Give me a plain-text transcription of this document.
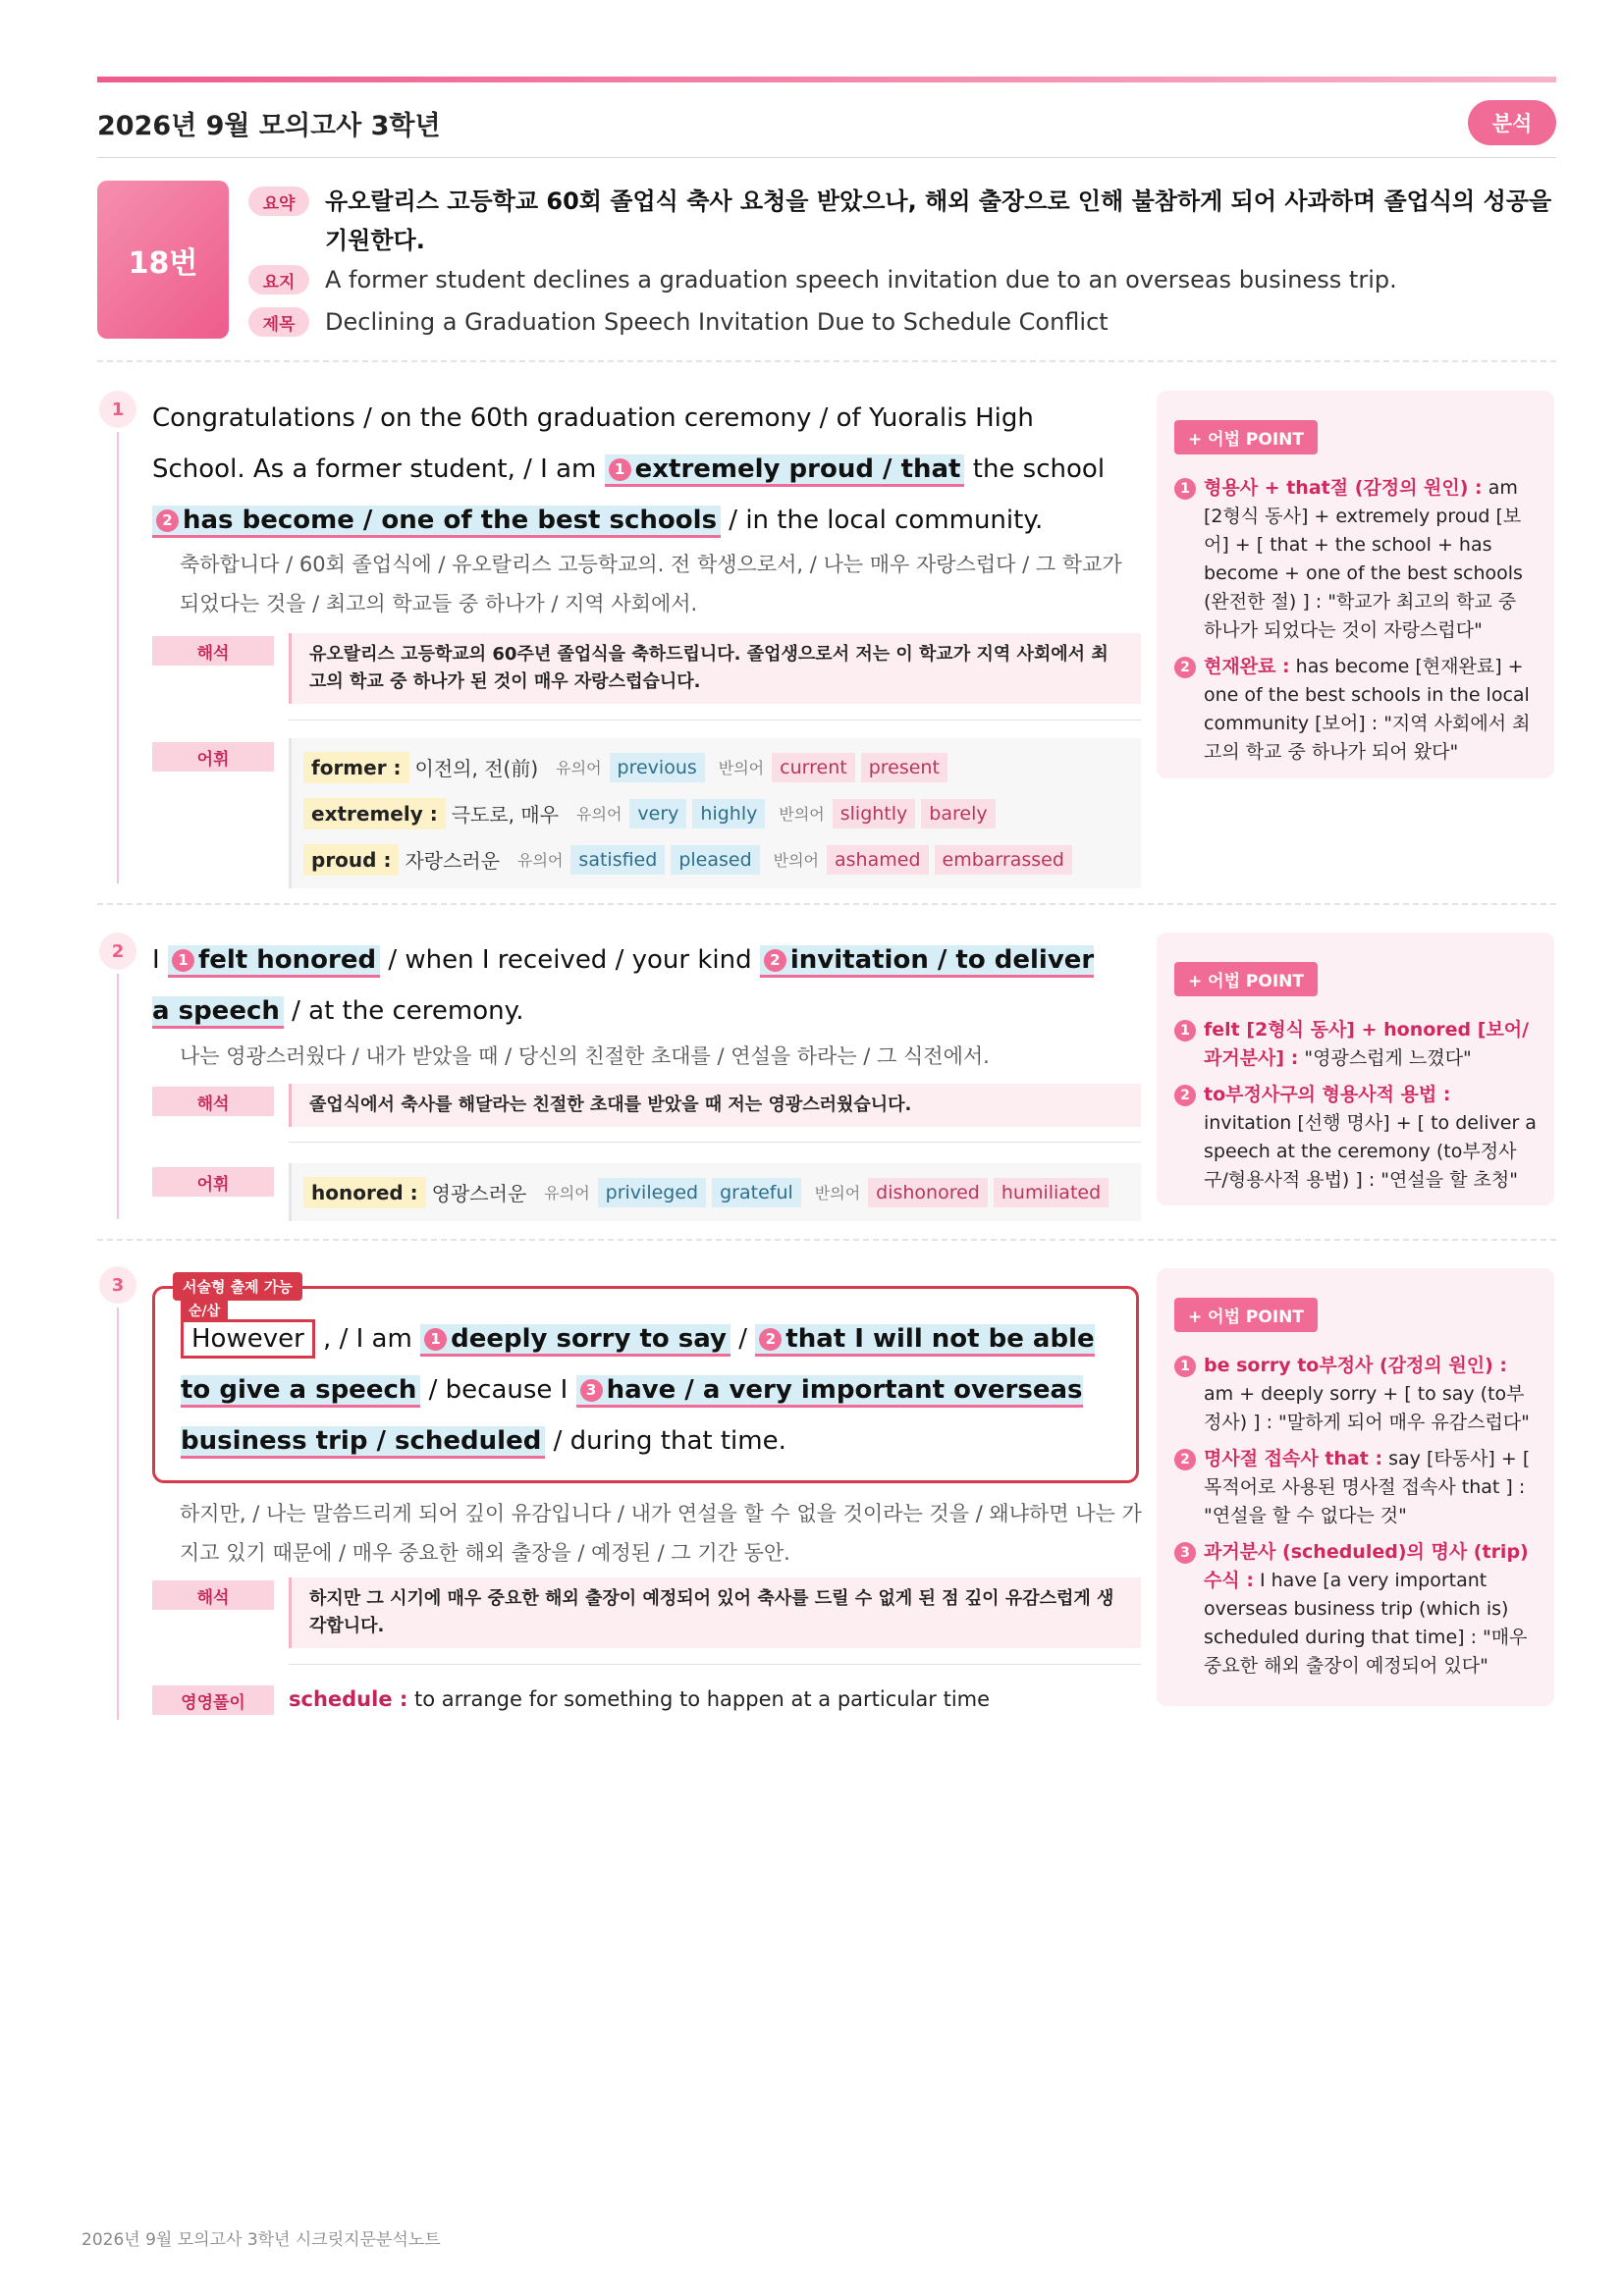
2026년 9월 모의고사 3학년	분석
18번
요약	유오랄리스 고등학교 60회 졸업식 축사 요청을 받았으나, 해외 출장으로 인해 불참하게 되어 사과하며 졸업식의 성공을 기원한다.
요지	A former student declines a graduation speech invitation due to an overseas business trip.
제목	Declining a Graduation Speech Invitation Due to Schedule Conflict
1	Congratulations / on the 60th graduation ceremony / of Yuoralis High School. As a former student, / I am 1 extremely proud / that the school 2 has become / one of the best schools / in the local community.
축하합니다 / 60회 졸업식에 / 유오랄리스 고등학교의. 전 학생으로서, / 나는 매우 자랑스럽다 / 그 학교가 되었다는 것을 / 최고의 학교들 중 하나가 / 지역 사회에서.
해석	유오랄리스 고등학교의 60주년 졸업식을 축하드립니다. 졸업생으로서 저는 이 학교가 지역 사회에서 최고의 학교 중 하나가 된 것이 매우 자랑스럽습니다.
어휘	former : 이전의, 전(前) 유의어 previous	반의어 current	present
extremely : 극도로, 매우 유의어 very	highly	반의어 slightly	barely
proud : 자랑스러운 유의어 satisfied	pleased	반의어 ashamed	embarrassed
+ 어법 POINT
1 형용사 + that절 (감정의 원인) : am [2형식 동사] + extremely proud [보어] + [ that + the school + has become + one of the best schools (완전한 절) ] : "학교가 최고의 학교 중 하나가 되었다는 것이 자랑스럽다"
2 현재완료 : has become [현재완료] + one of the best schools in the local community [보어] : "지역 사회에서 최고의 학교 중 하나가 되어 왔다"
2	I 1 felt honored / when I received / your kind 2 invitation / to deliver a speech / at the ceremony.
나는 영광스러웠다 / 내가 받았을 때 / 당신의 친절한 초대를 / 연설을 하라는 / 그 식전에서.
해석	졸업식에서 축사를 해달라는 친절한 초대를 받았을 때 저는 영광스러웠습니다.
어휘	honored : 영광스러운 유의어 privileged	grateful	반의어 dishonored	humiliated
+ 어법 POINT
1 felt [2형식 동사] + honored [보어/과거분사] : "영광스럽게 느꼈다"
2 to부정사구의 형용사적 용법 : invitation [선행 명사] + [ to deliver a speech at the ceremony (to부정사구/형용사적 용법) ] : "연설을 할 초청"
3	서술형 출제 가능
순/삽
However , / I am 1 deeply sorry to say / 2 that I will not be able to give a speech / because I 3 have / a very important overseas business trip / scheduled / during that time.
하지만, / 나는 말씀드리게 되어 깊이 유감입니다 / 내가 연설을 할 수 없을 것이라는 것을 / 왜냐하면 나는 가지고 있기 때문에 / 매우 중요한 해외 출장을 / 예정된 / 그 기간 동안.
해석	하지만 그 시기에 매우 중요한 해외 출장이 예정되어 있어 축사를 드릴 수 없게 된 점 깊이 유감스럽게 생각합니다.
영영풀이	schedule : to arrange for something to happen at a particular time
+ 어법 POINT
1 be sorry to부정사 (감정의 원인) : am + deeply sorry + [ to say (to부정사) ] : "말하게 되어 매우 유감스럽다"
2 명사절 접속사 that : say [타동사] + [ 목적어로 사용된 명사절 접속사 that ] : "연설을 할 수 없다는 것"
3 과거분사 (scheduled)의 명사 (trip) 수식 : I have [a very important overseas business trip (which is) scheduled during that time] : "매우 중요한 해외 출장이 예정되어 있다"
2026년 9월 모의고사 3학년 시크릿지문분석노트
